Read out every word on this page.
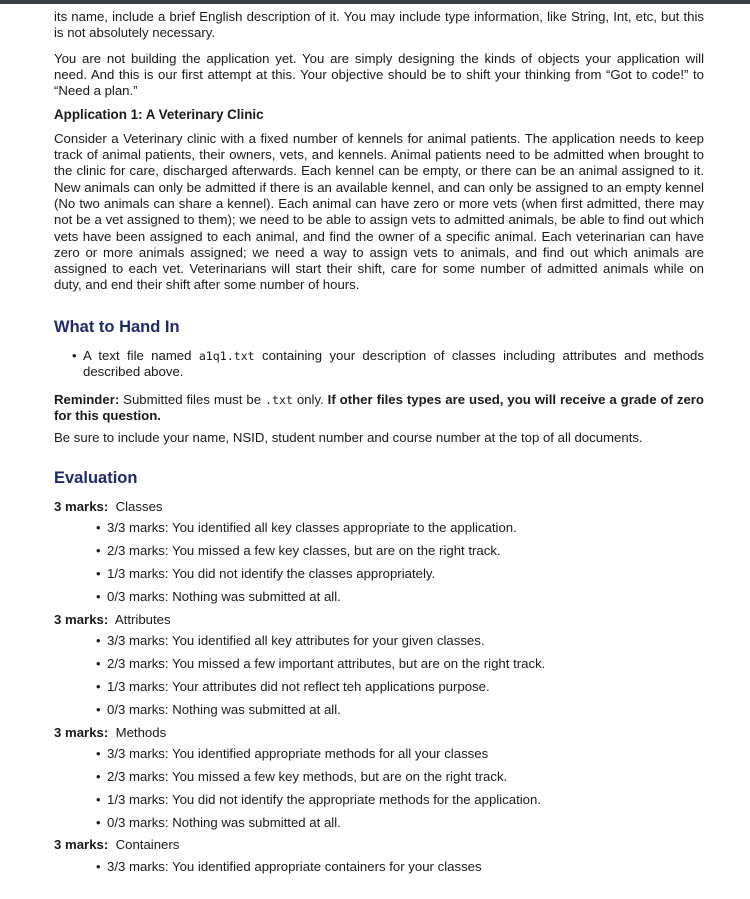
its name, include a brief English description of it. You may include type information, like String, Int, etc, but this is not absolutely necessary.

You are not building the application yet. You are simply designing the kinds of objects your application will need. And this is our first attempt at this. Your objective should be to shift your thinking from “Got to code!” to “Need a plan.”

Application 1: A Veterinary Clinic

Consider a Veterinary clinic with a fixed number of kennels for animal patients. The application needs to keep track of animal patients, their owners, vets, and kennels. Animal patients need to be admitted when brought to the clinic for care, discharged afterwards. Each kennel can be empty, or there can be an animal assigned to it. New animals can only be admitted if there is an available kennel, and can only be assigned to an empty kennel (No two animals can share a kennel). Each animal can have zero or more vets (when first admitted, there may not be a vet assigned to them); we need to be able to assign vets to admitted animals, be able to find out which vets have been assigned to each animal, and find the owner of a specific animal. Each veterinarian can have zero or more animals assigned; we need a way to assign vets to animals, and find out which animals are assigned to each vet. Veterinarians will start their shift, care for some number of admitted animals while on duty, and end their shift after some number of hours.

What to Hand In
• A text file named a1q1.txt containing your description of classes including attributes and methods described above.

Reminder: Submitted files must be .txt only. If other files types are used, you will receive a grade of zero for this question.

Be sure to include your name, NSID, student number and course number at the top of all documents.

Evaluation
3 marks: Classes
• 3/3 marks: You identified all key classes appropriate to the application.
• 2/3 marks: You missed a few key classes, but are on the right track.
• 1/3 marks: You did not identify the classes appropriately.
• 0/3 marks: Nothing was submitted at all.
3 marks: Attributes
• 3/3 marks: You identified all key attributes for your given classes.
• 2/3 marks: You missed a few important attributes, but are on the right track.
• 1/3 marks: Your attributes did not reflect teh applications purpose.
• 0/3 marks: Nothing was submitted at all.
3 marks: Methods
• 3/3 marks: You identified appropriate methods for all your classes
• 2/3 marks: You missed a few key methods, but are on the right track.
• 1/3 marks: You did not identify the appropriate methods for the application.
• 0/3 marks: Nothing was submitted at all.
3 marks: Containers
• 3/3 marks: You identified appropriate containers for your classes
